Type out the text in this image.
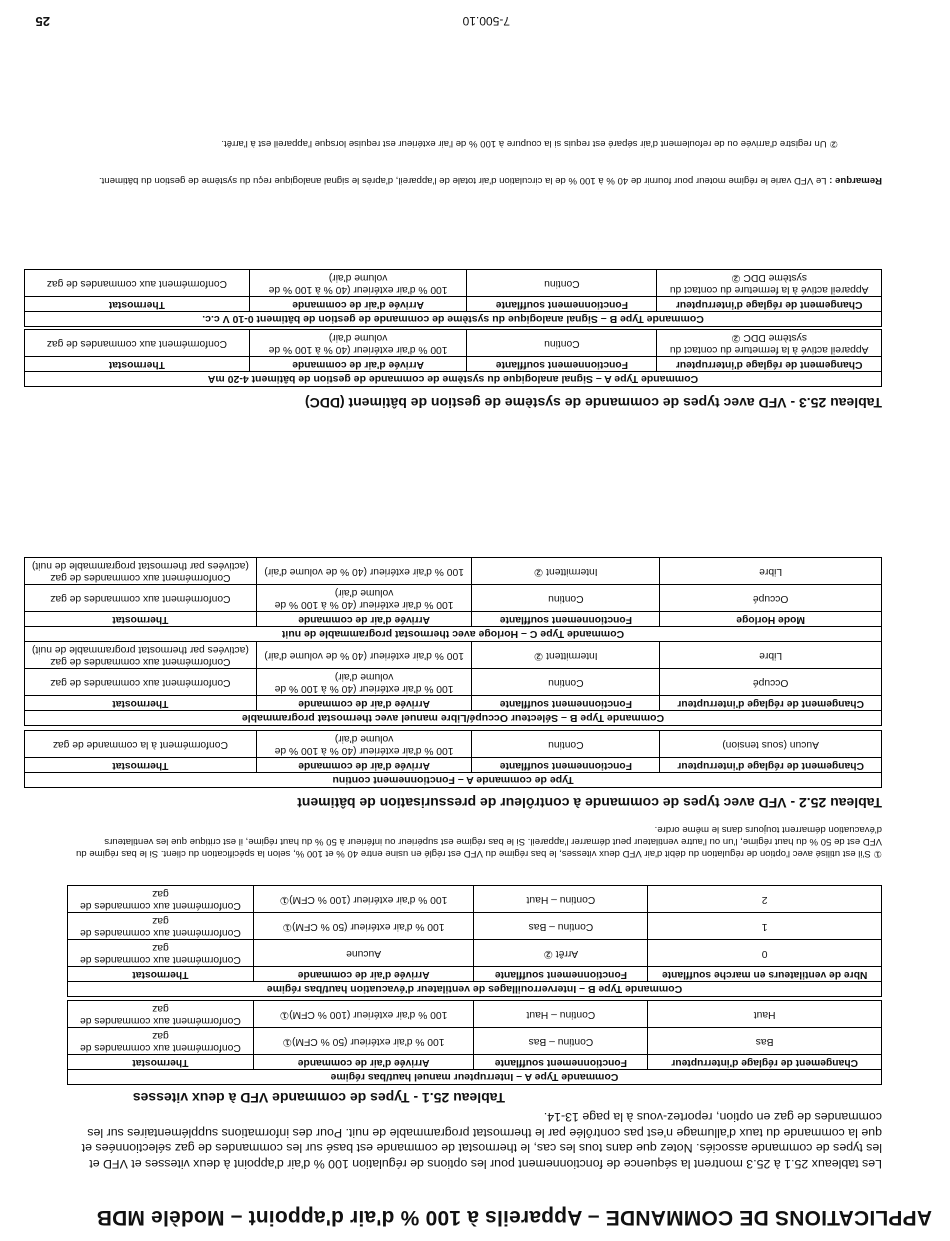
APPLICATIONS DE COMMANDE – Appareils à 100 % d'air d'appoint – Modèle MDB
Les tableaux 25.1 à 25.3 montrent la séquence de fonctionnement pour les options de régulation 100 % d'air d'appoint à deux vitesses et VFD et les types de commande associés. Notez que dans tous les cas, le thermostat de commande est basé sur les commandes de gaz sélectionnées et que la commande du taux d'allumage n'est pas contrôlée par le thermostat programmable de nuit. Pour des informations supplémentaires sur les commandes de gaz en option, reportez-vous à la page 13-14.
Tableau 25.1 - Types de commande VFD à deux vitesses
Commande Type A – Interrupteur manuel haut/bas régime			
Changement de réglage d'interrupteur	Fonctionnement soufflante	Arrivée d'air de commande	Thermostat
Bas	Continu – Bas	100 % d'air extérieur (50 % CFM)①	Conformément aux commandes de gaz
Haut	Continu – Haut	100 % d'air extérieur (100 % CFM)①	Conformément aux commandes de gaz
Commande Type B – Interverrouillages de ventilateur d'évacuation haut/bas régime			
Nbre de ventilateurs en marche soufflante	Fonctionnement soufflante	Arrivée d'air de commande	Thermostat
0	Arrêt ②	Aucune	Conformément aux commandes de gaz
1	Continu – Bas	100 % d'air extérieur (50 % CFM)①	Conformément aux commandes de gaz
2	Continu – Haut	100 % d'air extérieur (100 % CFM)①	Conformément aux commandes de gaz
① S'il est utilisé avec l'option de régulation du débit d'air VFD deux vitesses, le bas régime du VFD est réglé en usine entre 40 % et 100 %, selon la spécification du client. Si le bas régime du VFD est de 50 % du haut régime, l'un ou l'autre ventilateur peut démarrer l'appareil. Si le bas régime est supérieur ou inférieur à 50 % du haut régime, il est critique que les ventilateurs d'évacuation démarrent toujours dans le même ordre.
Tableau 25.2 - VFD avec types de commande à contrôleur de pressurisation de bâtiment
Type de commande A – Fonctionnement continu			
Changement de réglage d'interrupteur	Fonctionnement soufflante	Arrivée d'air de commande	Thermostat
Aucun (sous tension)	Continu	100 % d'air extérieur (40 % à 100 % de volume d'air)	Conformément à la commande de gaz

Commande Type B – Sélecteur Occupé/Libre manuel avec thermostat programmable			
Changement de réglage d'interrupteur	Fonctionnement soufflante	Arrivée d'air de commande	Thermostat
Occupé	Continu	100 % d'air extérieur (40 % à 100 % de volume d'air)	Conformément aux commandes de gaz
Libre	Intermittent ②	100 % d'air extérieur (40 % de volume d'air)	Conformément aux commandes de gaz (activées par thermostat programmable de nuit)
Commande Type C – Horloge avec thermostat programmable de nuit			
Mode Horloge	Fonctionnement soufflante	Arrivée d'air de commande	Thermostat
Occupé	Continu	100 % d'air extérieur (40 % à 100 % de volume d'air)	Conformément aux commandes de gaz
Libre	Intermittent ②	100 % d'air extérieur (40 % de volume d'air)	Conformément aux commandes de gaz (activées par thermostat programmable de nuit)
Tableau 25.3 - VFD avec types de commande de système de gestion de bâtiment (DDC)
Commande Type A – Signal analogique du système de commande de gestion de bâtiment 4-20 mA			
Changement de réglage d'interrupteur	Fonctionnement soufflante	Arrivée d'air de commande	Thermostat
Appareil activé à la fermeture du contact du système DDC ②	Continu	100 % d'air extérieur (40 % à 100 % de volume d'air)	Conformément aux commandes de gaz

Commande Type B – Signal analogique du système de commande de gestion de bâtiment 0-10 V c.c.			
Changement de réglage d'interrupteur	Fonctionnement soufflante	Arrivée d'air de commande	Thermostat
Appareil activé à la fermeture du contact du système DDC ②	Continu	100 % d'air extérieur (40 % à 100 % de volume d'air)	Conformément aux commandes de gaz
Remarque : Le VFD varie le régime moteur pour fournir de 40 % à 100 % de la circulation d'air totale de l'appareil, d'après le signal analogique reçu du système de gestion du bâtiment.
② Un registre d'arrivée ou de refoulement d'air séparé est requis si la coupure à 100 % de l'air extérieur est requise lorsque l'appareil est à l'arrêt.
7-500.10
25
